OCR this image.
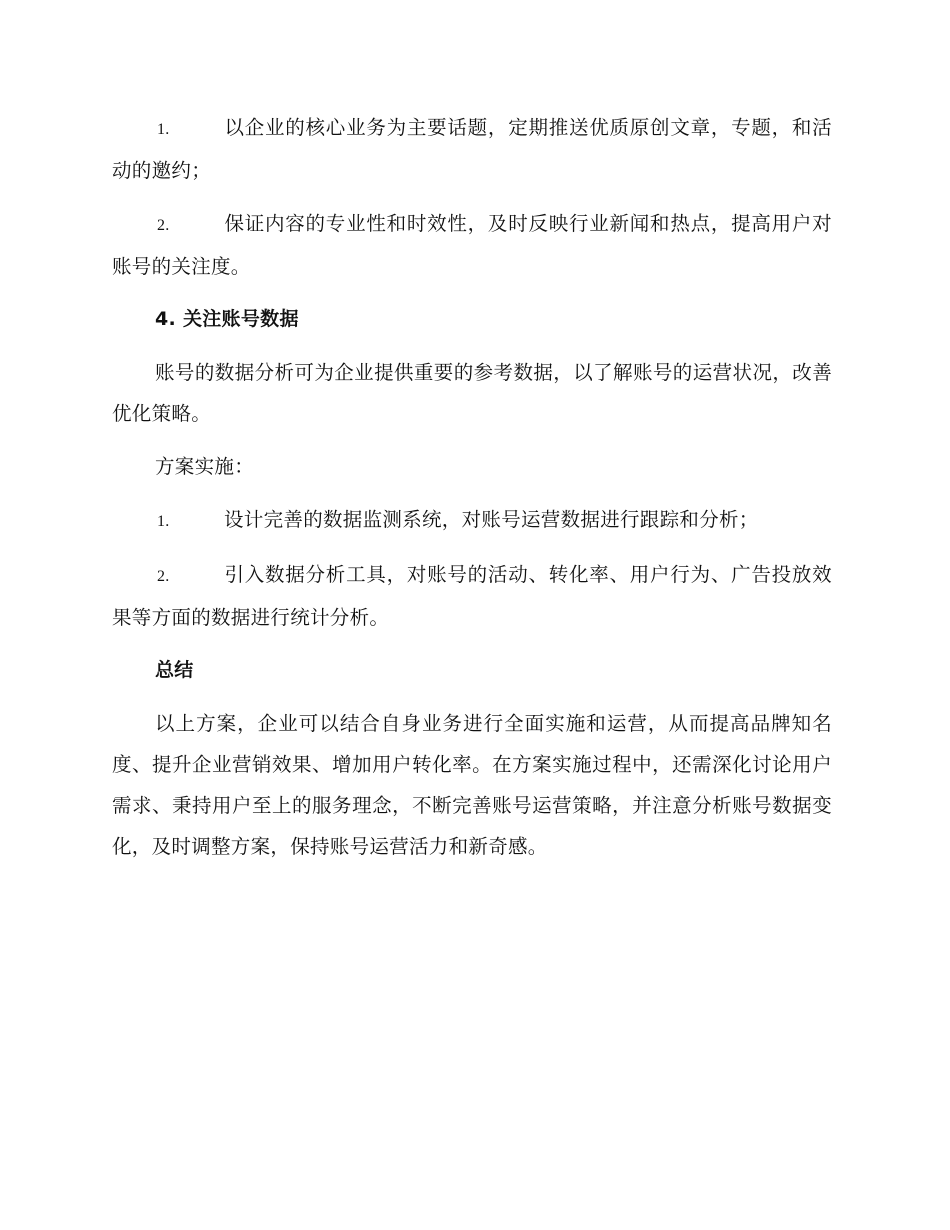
1.	以企业的核心业务为主要话题，定期推送优质原创文章，专题，和活动的邀约；

2.	保证内容的专业性和时效性，及时反映行业新闻和热点，提高用户对账号的关注度。

4. 关注账号数据

账号的数据分析可为企业提供重要的参考数据，以了解账号的运营状况，改善优化策略。

方案实施：

1.	设计完善的数据监测系统，对账号运营数据进行跟踪和分析；

2.	引入数据分析工具，对账号的活动、转化率、用户行为、广告投放效果等方面的数据进行统计分析。

总结

以上方案，企业可以结合自身业务进行全面实施和运营，从而提高品牌知名度、提升企业营销效果、增加用户转化率。在方案实施过程中，还需深化讨论用户需求、秉持用户至上的服务理念，不断完善账号运营策略，并注意分析账号数据变化，及时调整方案，保持账号运营活力和新奇感。
